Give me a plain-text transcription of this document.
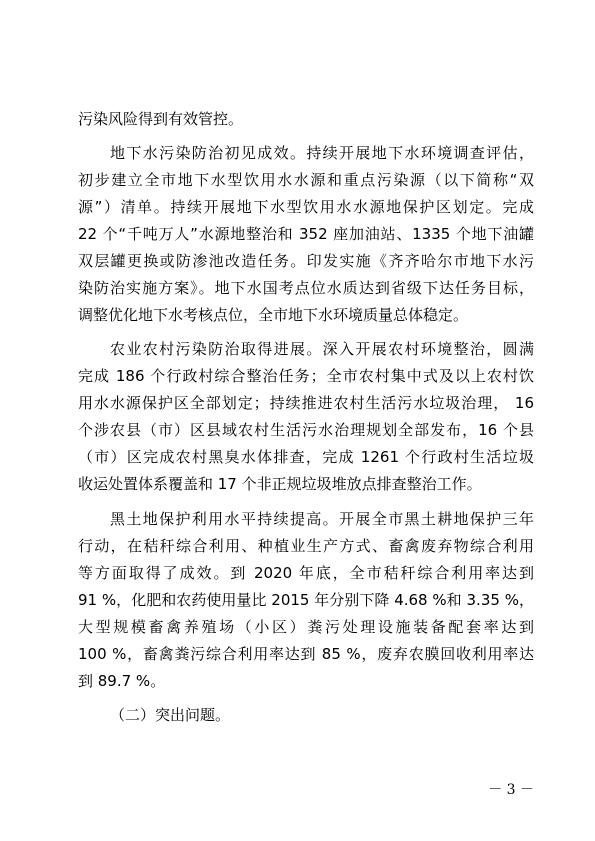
污染风险得到有效管控。
地下水污染防治初见成效。持续开展地下水环境调查评估，
初步建立全市地下水型饮用水水源和重点污染源（以下简称“双
源”）清单。持续开展地下水型饮用水水源地保护区划定。完成
22 个“千吨万人”水源地整治和 352 座加油站、1335 个地下油罐
双层罐更换或防渗池改造任务。印发实施《齐齐哈尔市地下水污
染防治实施方案》。地下水国考点位水质达到省级下达任务目标，
调整优化地下水考核点位，全市地下水环境质量总体稳定。
农业农村污染防治取得进展。深入开展农村环境整治，圆满
完成 186 个行政村综合整治任务；全市农村集中式及以上农村饮
用水水源保护区全部划定；持续推进农村生活污水垃圾治理， 16
个涉农县（市）区县域农村生活污水治理规划全部发布，16 个县
（市）区完成农村黑臭水体排查，完成 1261 个行政村生活垃圾
收运处置体系覆盖和 17 个非正规垃圾堆放点排查整治工作。
黑土地保护利用水平持续提高。开展全市黑土耕地保护三年
行动，在秸秆综合利用、种植业生产方式、畜禽废弃物综合利用
等方面取得了成效。到 2020 年底，全市秸秆综合利用率达到
91 %，化肥和农药使用量比 2015 年分别下降 4.68 %和 3.35 %，
大型规模畜禽养殖场（小区）粪污处理设施装备配套率达到
100 %，畜禽粪污综合利用率达到 85 %，废弃农膜回收利用率达
到 89.7 %。
（二）突出问题。
－ 3 －
